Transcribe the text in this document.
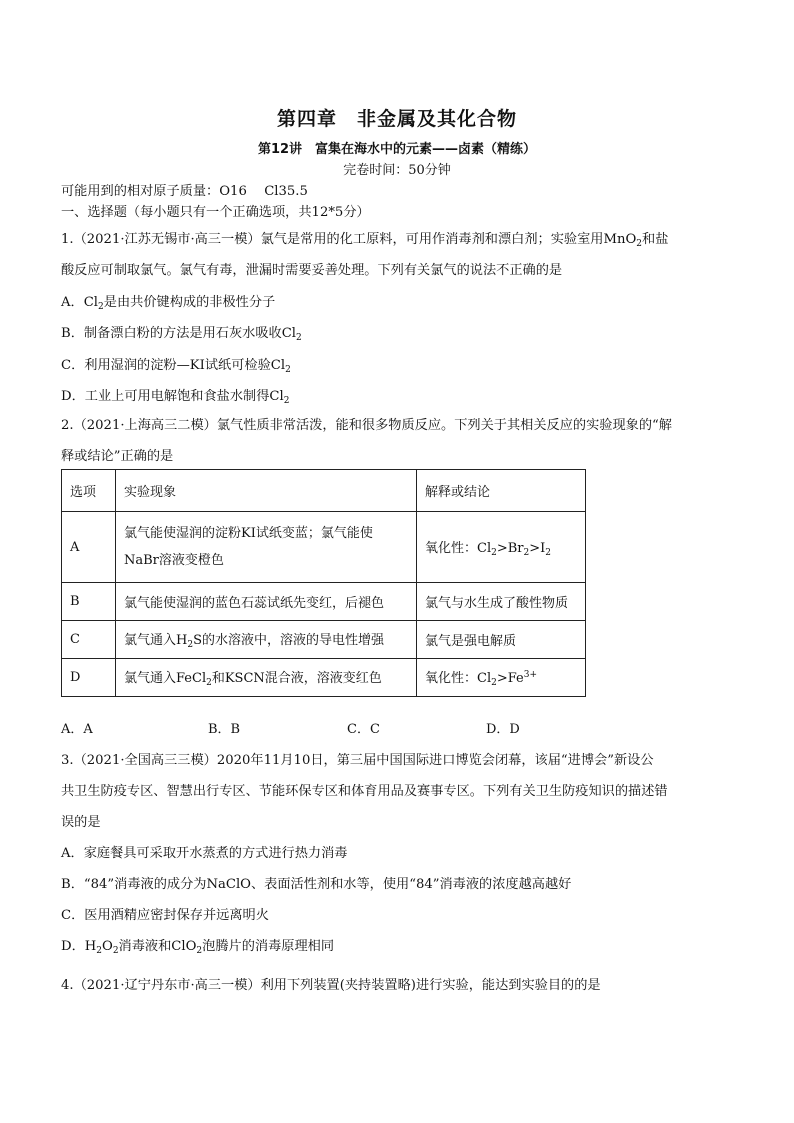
第四章　非金属及其化合物
第12讲　富集在海水中的元素——卤素（精练）
完卷时间：50分钟
可能用到的相对原子质量：O16　 Cl35.5
一、选择题（每小题只有一个正确选项，共12*5分）
1.（2021·江苏无锡市·高三一模）氯气是常用的化工原料，可用作消毒剂和漂白剂；实验室用MnO$_2$和盐
酸反应可制取氯气。氯气有毒，泄漏时需要妥善处理。下列有关氯气的说法不正确的是
A．$Cl_2$是由共价键构成的非极性分子
B．制备漂白粉的方法是用石灰水吸收$Cl_2$
C．利用湿润的淀粉—KI试纸可检验$Cl_2$
D．工业上可用电解饱和食盐水制得$Cl_2$
2.（2021·上海高三二模）氯气性质非常活泼，能和很多物质反应。下列关于其相关反应的实验现象的“解
释或结论”正确的是
选项	实验现象	解释或结论
A	氯气能使湿润的淀粉KI试纸变蓝；氯气能使
NaBr溶液变橙色	氧化性：$Cl_2>Br_2>I_2$
B	氯气能使湿润的蓝色石蕊试纸先变红，后褪色	氯气与水生成了酸性物质
C	氯气通入$H_2S$的水溶液中，溶液的导电性增强	氯气是强电解质
D	氯气通入FeCl$_2$和KSCN混合液，溶液变红色	氧化性：$Cl_2>Fe^{3+}$
A．A	B．B	C．C	D．D
3.（2021·全国高三三模）2020年11月10日，第三届中国国际进口博览会闭幕，该届“进博会”新设公
共卫生防疫专区、智慧出行专区、节能环保专区和体育用品及赛事专区。下列有关卫生防疫知识的描述错
误的是
A．家庭餐具可采取开水蒸煮的方式进行热力消毒
B．“84”消毒液的成分为NaClO、表面活性剂和水等，使用“84”消毒液的浓度越高越好
C．医用酒精应密封保存并远离明火
D．$H_2O_2$消毒液和ClO$_2$泡腾片的消毒原理相同
4.（2021·辽宁丹东市·高三一模）利用下列装置(夹持装置略)进行实验，能达到实验目的的是
